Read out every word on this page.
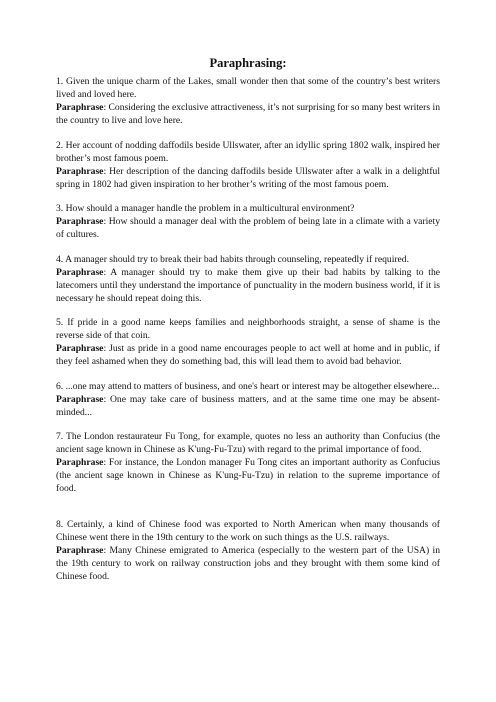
Paraphrasing:

1. Given the unique charm of the Lakes, small wonder then that some of the country’s best writers lived and loved here.

Paraphrase: Considering the exclusive attractiveness, it’s not surprising for so many best writers in the country to live and love here.

2. Her account of nodding daffodils beside Ullswater, after an idyllic spring 1802 walk, inspired her brother’s most famous poem.

Paraphrase: Her description of the dancing daffodils beside Ullswater after a walk in a delightful spring in 1802 had given inspiration to her brother’s writing of the most famous poem.

3. How should a manager handle the problem in a multicultural environment?

Paraphrase: How should a manager deal with the problem of being late in a climate with a variety of cultures.

4. A manager should try to break their bad habits through counseling, repeatedly if required.

Paraphrase: A manager should try to make them give up their bad habits by talking to the latecomers until they understand the importance of punctuality in the modern business world, if it is necessary he should repeat doing this.

5. If pride in a good name keeps families and neighborhoods straight, a sense of shame is the reverse side of that coin.

Paraphrase: Just as pride in a good name encourages people to act well at home and in public, if they feel ashamed when they do something bad, this will lead them to avoid bad behavior.

6. ...one may attend to matters of business, and one's heart or interest may be altogether elsewhere...

Paraphrase: One may take care of business matters, and at the same time one may be absent-minded...

7. The London restaurateur Fu Tong, for example, quotes no less an authority than Confucius (the ancient sage known in Chinese as K'ung-Fu-Tzu) with regard to the primal importance of food.

Paraphrase: For instance, the London manager Fu Tong cites an important authority as Confucius (the ancient sage known in Chinese as K'ung-Fu-Tzu) in relation to the supreme importance of food.

8. Certainly, a kind of Chinese food was exported to North American when many thousands of Chinese went there in the 19th century to the work on such things as the U.S. railways.

Paraphrase: Many Chinese emigrated to America (especially to the western part of the USA) in the 19th century to work on railway construction jobs and they brought with them some kind of Chinese food.
